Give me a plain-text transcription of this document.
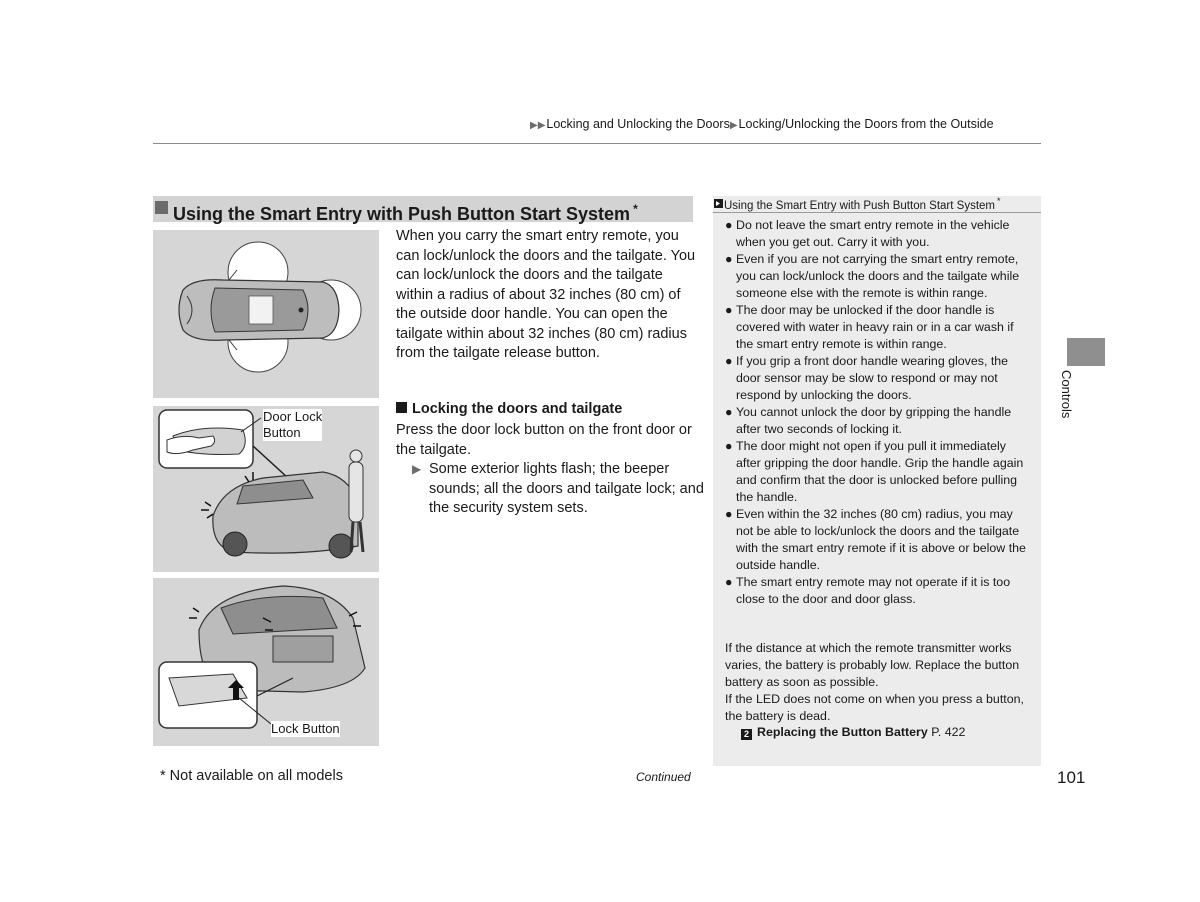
▶▶Locking and Unlocking the Doors▶Locking/Unlocking the Doors from the Outside
Using the Smart Entry with Push Button Start System *
Door Lock
Button
Lock Button
When you carry the smart entry remote, you can lock/unlock the doors and the tailgate. You can lock/unlock the doors and the tailgate within a radius of about 32 inches (80 cm) of the outside door handle. You can open the tailgate within about 32 inches (80 cm) radius from the tailgate release button.
Locking the doors and tailgate
Press the door lock button on the front door or the tailgate.
▶ Some exterior lights flash; the beeper sounds; all the doors and tailgate lock; and the security system sets.
Using the Smart Entry with Push Button Start System *
● Do not leave the smart entry remote in the vehicle when you get out. Carry it with you.
● Even if you are not carrying the smart entry remote, you can lock/unlock the doors and the tailgate while someone else with the remote is within range.
● The door may be unlocked if the door handle is covered with water in heavy rain or in a car wash if the smart entry remote is within range.
● If you grip a front door handle wearing gloves, the door sensor may be slow to respond or may not respond by unlocking the doors.
● You cannot unlock the door by gripping the handle after two seconds of locking it.
● The door might not open if you pull it immediately after gripping the door handle. Grip the handle again and confirm that the door is unlocked before pulling the handle.
● Even within the 32 inches (80 cm) radius, you may not be able to lock/unlock the doors and the tailgate with the smart entry remote if it is above or below the outside handle.
● The smart entry remote may not operate if it is too close to the door and door glass.
If the distance at which the remote transmitter works varies, the battery is probably low. Replace the button battery as soon as possible.
If the LED does not come on when you press a button, the battery is dead.
2 Replacing the Button Battery P. 422
Controls
* Not available on all models	Continued	101
